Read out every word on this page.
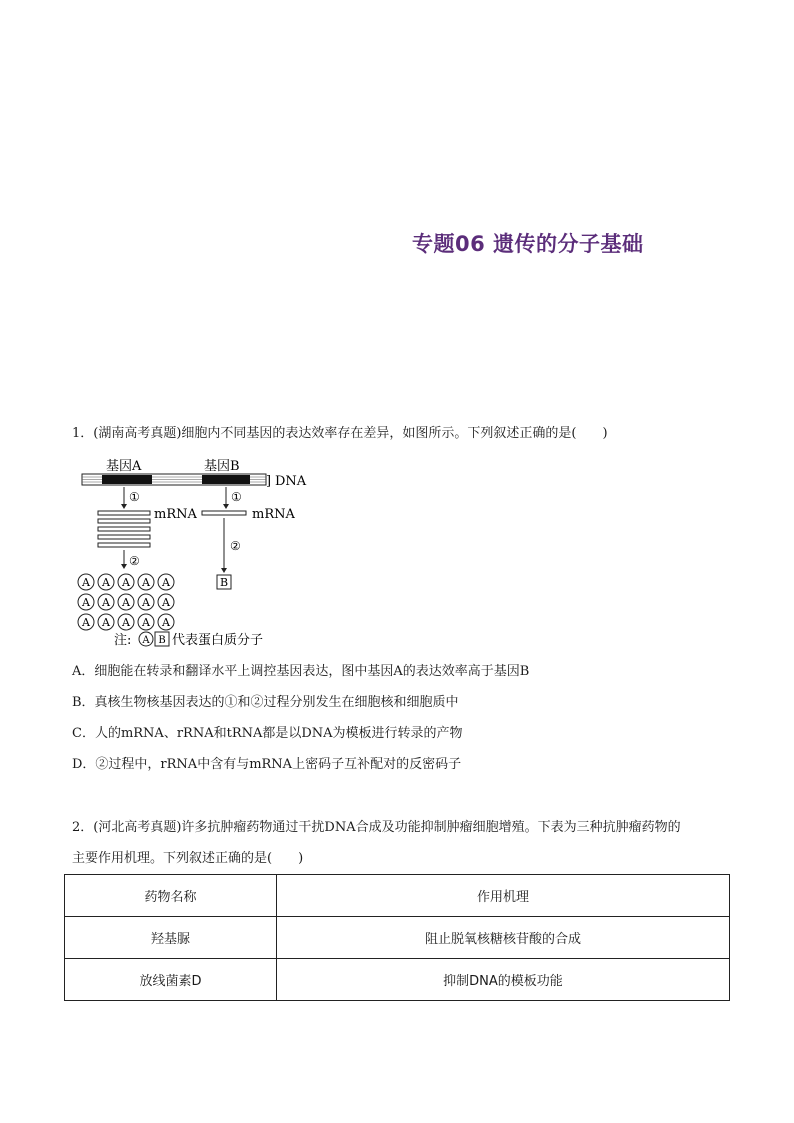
专题06 遗传的分子基础
1．(湖南高考真题)细胞内不同基因的表达效率存在差异，如图所示。下列叙述正确的是(　　)
基因A	基因B
] DNA
①	①
mRNA	mRNA
②
②
A A A A A
A A A A A
A A A A A
B
注: A B 代表蛋白质分子
A．细胞能在转录和翻译水平上调控基因表达，图中基因A的表达效率高于基因B
B．真核生物核基因表达的①和②过程分别发生在细胞核和细胞质中
C．人的mRNA、rRNA和tRNA都是以DNA为模板进行转录的产物
D．②过程中，rRNA中含有与mRNA上密码子互补配对的反密码子
2．(河北高考真题)许多抗肿瘤药物通过干扰DNA合成及功能抑制肿瘤细胞增殖。下表为三种抗肿瘤药物的
主要作用机理。下列叙述正确的是(　　)
药物名称	作用机理
羟基脲	阻止脱氧核糖核苷酸的合成
放线菌素D	抑制DNA的模板功能
